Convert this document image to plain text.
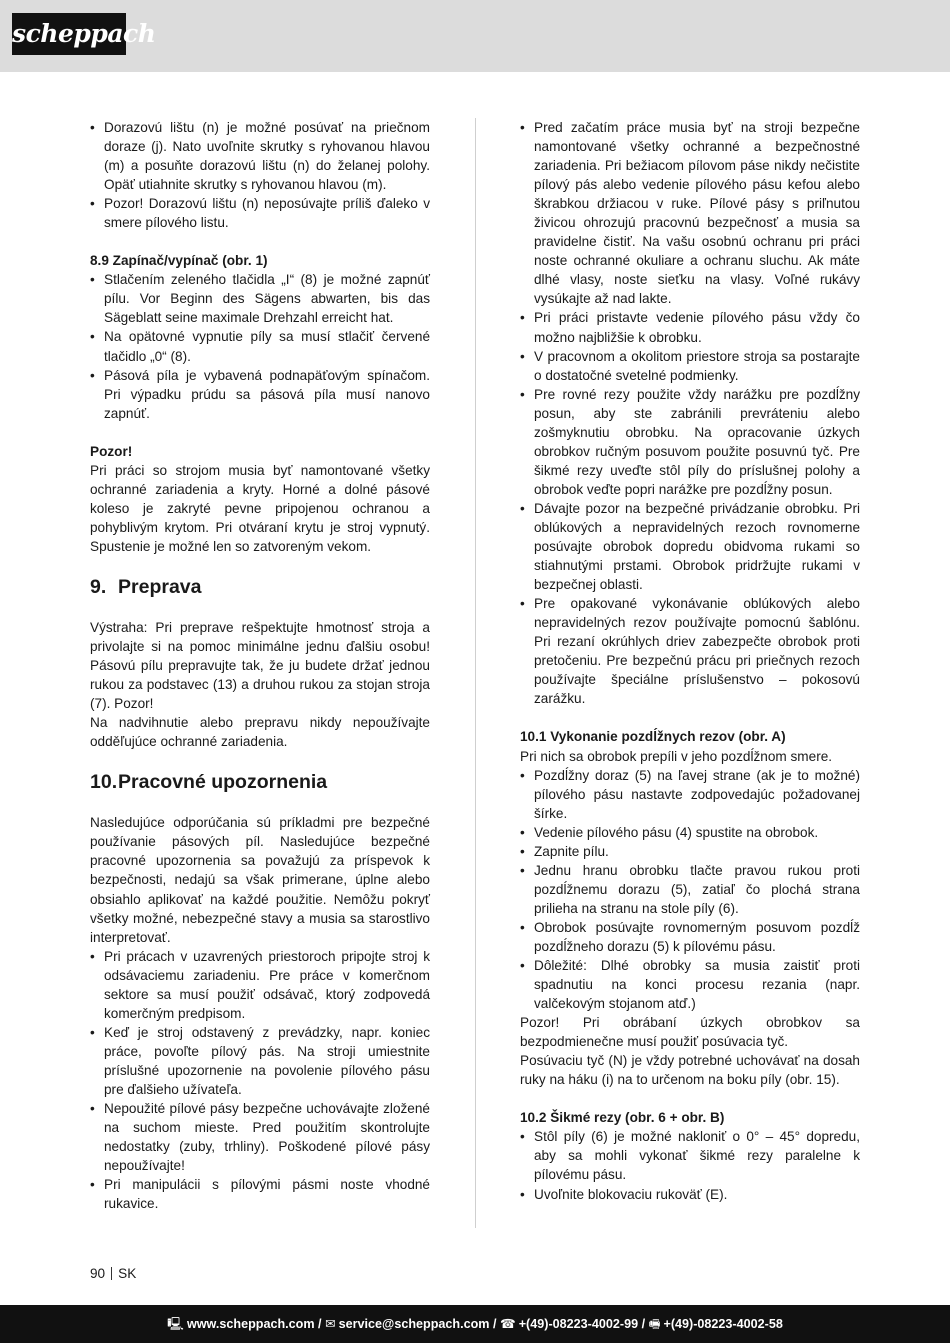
scheppach
• Dorazovú lištu (n) je možné posúvať na priečnom doraze (j). Nato uvoľnite skrutky s ryhovanou hlavou (m) a posuňte dorazovú lištu (n) do želanej polohy. Opäť utiahnite skrutky s ryhovanou hlavou (m).
• Pozor! Dorazovú lištu (n) neposúvajte príliš ďaleko v smere pílového listu.

8.9 Zapínač/vypínač (obr. 1)

• Stlačením zeleného tlačidla „I“ (8) je možné zapnúť pílu. Vor Beginn des Sägens abwarten, bis das Sägeblatt seine maximale Drehzahl erreicht hat.
• Na opätovné vypnutie píly sa musí stlačiť červené tlačidlo „0“ (8).
• Pásová píla je vybavená podnapäťovým spínačom. Pri výpadku prúdu sa pásová píla musí nanovo zapnúť.

Pozor!

Pri práci so strojom musia byť namontované všetky ochranné zariadenia a kryty. Horné a dolné pásové koleso je zakryté pevne pripojenou ochranou a pohyblivým krytom. Pri otváraní krytu je stroj vypnutý. Spustenie je možné len so zatvoreným vekom.

9. Preprava

Výstraha: Pri preprave rešpektujte hmotnosť stroja a privolajte si na pomoc minimálne jednu ďalšiu osobu! Pásovú pílu prepravujte tak, že ju budete držať jednou rukou za podstavec (13) a druhou rukou za stojan stroja (7). Pozor!

Na nadvihnutie alebo prepravu nikdy nepoužívajte odděľujúce ochranné zariadenia.

10.Pracovné upozornenia

Nasledujúce odporúčania sú príkladmi pre bezpečné používanie pásových píl. Nasledujúce bezpečné pracovné upozornenia sa považujú za príspevok k bezpečnosti, nedajú sa však primerane, úplne alebo obsiahlo aplikovať na každé použitie. Nemôžu pokryť všetky možné, nebezpečné stavy a musia sa starostlivo interpretovať.

• Pri prácach v uzavrených priestoroch pripojte stroj k odsávaciemu zariadeniu. Pre práce v komerčnom sektore sa musí použiť odsávač, ktorý zodpovedá komerčným predpisom.
• Keď je stroj odstavený z prevádzky, napr. koniec práce, povoľte pílový pás. Na stroji umiestnite príslušné upozornenie na povolenie pílového pásu pre ďalšieho užívateľa.
• Nepoužité pílové pásy bezpečne uchovávajte zložené na suchom mieste. Pred použitím skontrolujte nedostatky (zuby, trhliny). Poškodené pílové pásy nepoužívajte!
• Pri manipulácii s pílovými pásmi noste vhodné rukavice.
• Pred začatím práce musia byť na stroji bezpečne namontované všetky ochranné a bezpečnostné zariadenia. Pri bežiacom pílovom páse nikdy nečistite pílový pás alebo vedenie pílového pásu kefou alebo škrabkou držiacou v ruke. Pílové pásy s priľnutou živicou ohrozujú pracovnú bezpečnosť a musia sa pravidelne čistiť. Na vašu osobnú ochranu pri práci noste ochranné okuliare a ochranu sluchu. Ak máte dlhé vlasy, noste sieťku na vlasy. Voľné rukávy vysúkajte až nad lakte.
• Pri práci pristavte vedenie pílového pásu vždy čo možno najbližšie k obrobku.
• V pracovnom a okolitom priestore stroja sa postarajte o dostatočné svetelné podmienky.
• Pre rovné rezy použite vždy narážku pre pozdĺžny posun, aby ste zabránili prevráteniu alebo zošmyknutiu obrobku. Na opracovanie úzkych obrobkov ručným posuvom použite posuvnú tyč. Pre šikmé rezy uveďte stôl píly do príslušnej polohy a obrobok veďte popri narážke pre pozdĺžny posun.
• Dávajte pozor na bezpečné privádzanie obrobku. Pri oblúkových a nepravidelných rezoch rovnomerne posúvajte obrobok dopredu obidvoma rukami so stiahnutými prstami. Obrobok pridržujte rukami v bezpečnej oblasti.
• Pre opakované vykonávanie oblúkových alebo nepravidelných rezov používajte pomocnú šablónu. Pri rezaní okrúhlych driev zabezpečte obrobok proti pretočeniu. Pre bezpečnú prácu pri priečnych rezoch používajte špeciálne príslušenstvo – pokosovú zarážku.

10.1 Vykonanie pozdĺžnych rezov (obr. A)

Pri nich sa obrobok prepíli v jeho pozdĺžnom smere.

• Pozdĺžny doraz (5) na ľavej strane (ak je to možné) pílového pásu nastavte zodpovedajúc požadovanej šírke.
• Vedenie pílového pásu (4) spustite na obrobok.
• Zapnite pílu.
• Jednu hranu obrobku tlačte pravou rukou proti pozdĺžnemu dorazu (5), zatiaľ čo plochá strana prilieha na stranu na stole píly (6).
• Obrobok posúvajte rovnomerným posuvom pozdĺž pozdĺžneho dorazu (5) k pílovému pásu.
• Dôležité: Dlhé obrobky sa musia zaistiť proti spadnutiu na konci procesu rezania (napr. valčekovým stojanom atď.)

Pozor! Pri obrábaní úzkych obrobkov sa bezpodmienečne musí použiť posúvacia tyč.

Posúvaciu tyč (N) je vždy potrebné uchovávať na dosah ruky na háku (i) na to určenom na boku píly (obr. 15).

10.2 Šikmé rezy (obr. 6 + obr. B)

• Stôl píly (6) je možné nakloniť o 0° – 45° dopredu, aby sa mohli vykonať šikmé rezy paralelne k pílovému pásu.
• Uvoľnite blokovaciu rukoväť (E).
90 SK
🖳 www.scheppach.com / ✉ service@scheppach.com / ☎ +(49)-08223-4002-99 / 🖷 +(49)-08223-4002-58
